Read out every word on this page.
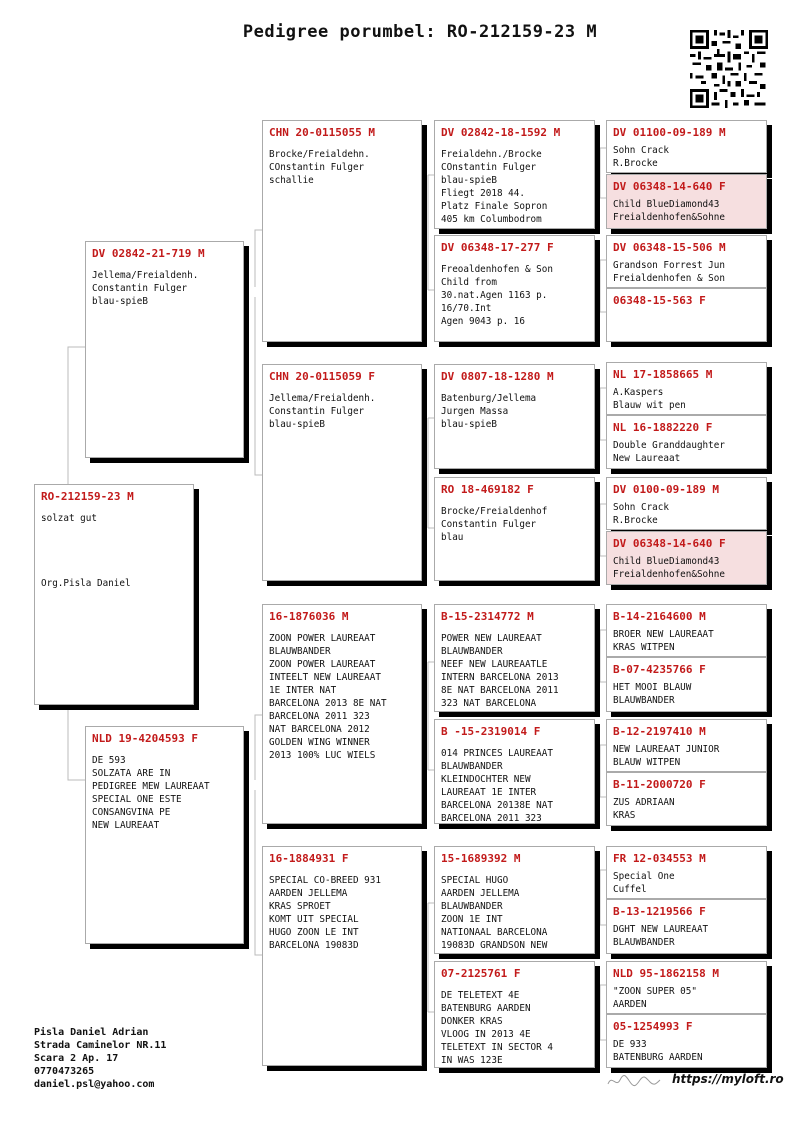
Pedigree porumbel: RO-212159-23 M
RO-212159-23 M
solzat gut
Org.Pisla Daniel
DV 02842-21-719 M
Jellema/Freialdenh.
Constantin Fulger
blau-spieB
NLD 19-4204593 F
DE 593
SOLZATA ARE IN
PEDIGREE MEW LAUREAAT
SPECIAL ONE ESTE
CONSANGVINA PE
NEW LAUREAAT
CHN 20-0115055 M
Brocke/Freialdehn.
COnstantin Fulger
schallie
CHN 20-0115059 F
Jellema/Freialdenh.
Constantin Fulger
blau-spieB
16-1876036 M
ZOON POWER LAUREAAT
BLAUWBANDER
ZOON POWER LAUREAAT
INTEELT NEW LAUREAAT
1E INTER NAT
BARCELONA 2013 8E NAT
BARCELONA 2011 323
NAT BARCELONA 2012
GOLDEN WING WINNER
2013 100% LUC WIELS
16-1884931 F
SPECIAL CO-BREED 931
AARDEN JELLEMA
KRAS SPROET
KOMT UIT SPECIAL
HUGO ZOON LE INT
BARCELONA 19083D
DV 02842-18-1592 M
Freialdehn./Brocke
COnstantin Fulger
blau-spieB
Fliegt 2018 44.
Platz Finale Sopron
405 km Columbodrom
DV 06348-17-277 F
Freoaldenhofen & Son
Child from
30.nat.Agen 1163 p.
16/70.Int
Agen 9043 p. 16
DV 0807-18-1280 M
Batenburg/Jellema
Jurgen Massa
blau-spieB
RO 18-469182 F
Brocke/Freialdenhof
Constantin Fulger
blau
B-15-2314772 M
POWER NEW LAUREAAT
BLAUWBANDER
NEEF NEW LAUREAATLE
INTERN BARCELONA 2013
8E NAT BARCELONA 2011
323 NAT BARCELONA
B -15-2319014 F
014 PRINCES LAUREAAT
BLAUWBANDER
KLEINDOCHTER NEW
LAUREAAT 1E INTER
BARCELONA 20138E NAT
BARCELONA 2011 323
15-1689392 M
SPECIAL HUGO
AARDEN JELLEMA
BLAUWBANDER
ZOON 1E INT
NATIONAAL BARCELONA
19083D GRANDSON NEW
07-2125761 F
DE TELETEXT 4E
BATENBURG AARDEN
DONKER KRAS
VLOOG IN 2013 4E
TELETEXT IN SECTOR 4
IN WAS 123E
DV 01100-09-189 M
Sohn Crack
R.Brocke
DV 06348-14-640 F
Child BlueDiamond43
Freialdenhofen&Sohne
DV 06348-15-506 M
Grandson Forrest Jun
Freialdenhofen & Son
06348-15-563 F
NL 17-1858665 M
A.Kaspers
Blauw wit pen
NL 16-1882220 F
Double Granddaughter
New Laureaat
DV 0100-09-189 M
Sohn Crack
R.Brocke
DV 06348-14-640 F
Child BlueDiamond43
Freialdenhofen&Sohne
B-14-2164600 M
BROER NEW LAUREAAT
KRAS WITPEN
B-07-4235766 F
HET MOOI BLAUW
BLAUWBANDER
B-12-2197410 M
NEW LAUREAAT JUNIOR
BLAUW WITPEN
B-11-2000720 F
ZUS ADRIAAN
KRAS
FR 12-034553 M
Special One
Cuffel
B-13-1219566 F
DGHT NEW LAUREAAT
BLAUWBANDER
NLD 95-1862158 M
"ZOON SUPER 05"
AARDEN
05-1254993 F
DE 933
BATENBURG AARDEN
Pisla Daniel Adrian
Strada Caminelor NR.11
Scara 2 Ap. 17
0770473265
daniel.psl@yahoo.com	https://myloft.ro
